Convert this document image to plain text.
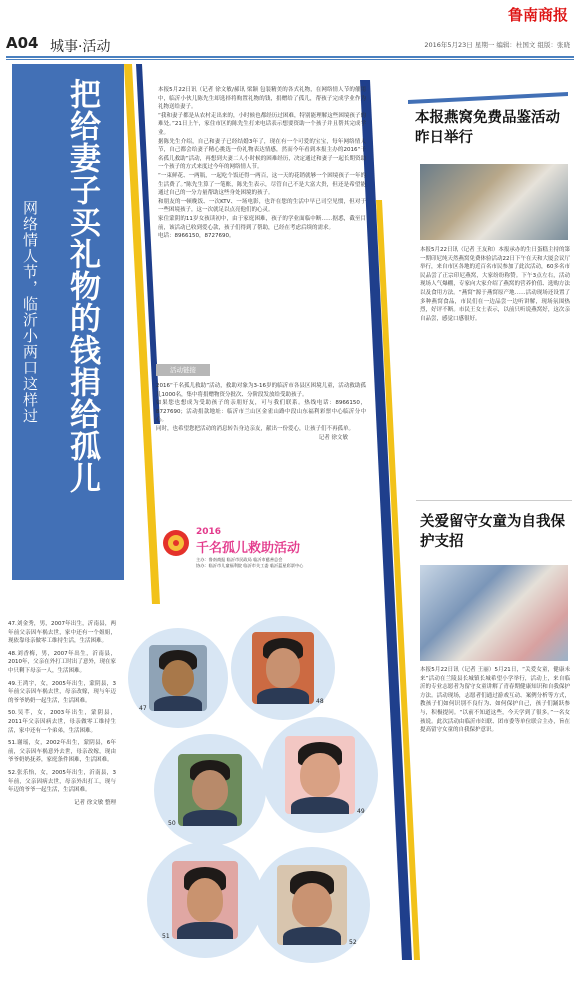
鲁南商报
A04 城事·活动	2016年5月23日 星期一 编辑：杜国文 组版：张晓
把给妻子买礼物的钱捐给孤儿
网络情人节，临沂小两口这样过

本报5月22日讯（记者 徐文敏/郝讯 梁颖 包装精美的各式礼物，在网络情人节的催用中，临沂小伙儿陈先生却选择将购置礼物的钱，捐赠给了孤儿，帮孩子完成学业作为礼物送给妻子。

“我和妻子都是从农村走出来的，小时候也都经历过困难，特别能理解这些困境孩子的难处。”21日上午，家住市区的陈先生打来电话表示想要资助一个孩子并且帮其完成学业。

据陈先生介绍，自己和妻子已经结婚3年了，现在有一个可爱的宝宝，每年网络情人节，自己都会给妻子精心挑选一份礼物表达情感，然而今年看到本报主办的2016“千名孤儿救助”活动，再想到夫妻二人小时候的困难经历，决定通过和妻子一起长期资助一个孩子的方式来度过今年的网络情人节。

“一束鲜花、一两瓶，一起吃个饭还得一两百，这一天的花销就够一个困境孩子一年的生活费了。”陈先生算了一笔账，陈先生表示，尽管自己不是大富大贵，但还是希望能通过自己的一分力量帮助这些身处困境的孩子。

和朋友的一顿晚饭、一次KTV、一场电影，也许在您的生活中早已司空见惯，但对于一些困境孩子，这一次就足以点亮他们的心灵。

家住蒙阴的11岁女孩读初中，由于家庭困难，孩子的学业面临中断……据悉，截至目前，该活动已收到爱心款，孩子们得到了帮助，已经在考虑后续的需求。

电话：8966150，8727690。

活动链接

2016“千名孤儿救助”活动，救助对象为3-16岁的临沂市各县区困境儿童，活动救助孤儿1000名，集中将捐赠物资分批次、分阶段发放给受助孩子。

如果您也想成为受助孩子的亲朋好友，可与我们联系。热线电话：8966150，8727690；活动捐款地址：临沂市兰山区金雀山路中段山东福利彩票中心临沂分中心。

同时，也希望您把活动的消息转告身边亲友，献出一份爱心，让孩子们不再孤单。

记者 徐文敏

2016
千名孤儿救助活动
主办：鲁南商报 临沂市民政局 临沂市慈善总会
协办：临沂市儿童福利院 临沂市关工委 临沂蓝星彩票中心

47.刘金秀，男，2007年出生，沂南县，两年前父亲因车祸去世，家中还有一个姐姐，现依靠母亲做零工维持生活，生活困难。

48.刘香梅，男，2007年出生，沂南县，2010年，父亲在外打工时出了意外，现在家中只剩下母亲一人，生活困难。

49.王鸿宇，女，2005年出生，蒙阴县，3年前父亲因车祸去世，母亲改嫁，现与年迈的爷爷奶奶一起生活，生活困难。

50.吴芊，女，2003年出生，蒙阴县，2011年父亲因病去世，母亲做零工维持生活，家中还有一个弟弟，生活困难。

51.谢瑶，女，2002年出生，蒙阴县，6年前，父亲因车祸意外去世，母亲改嫁，现由爷爷奶奶抚养，家庭条件困难，生活困难。

52.张乐怡，女，2005年出生，沂南县，3年前，父亲因病去世，母亲外出打工，现与年迈的爷爷一起生活，生活困难。

记者 徐文敏 整理

47
48
50
49
51
52
本报燕窝免费品鉴活动昨日举行
本报5月22日讯（记者 王友和）本报承办的生日蛋糕主持的第一期印尼纯天然燕窝免费体验活动22日下午在天和大厦会议厅举行，来自市区各地的近百名市民参加了此次活动，60多名市民品尝了正宗印尼燕窝，大家纷纷称赞。下午3点左右，活动现场人气爆棚，专家向大家介绍了燕窝的营养价值、选购方法以及食用方法。“燕窝”源于燕窝原产地……活动现场还设置了多种燕窝食品，市民们在一边品尝一边听讲解，现场氛围热烈，好评不断。市民王女士表示，以前只听说燕窝好，这次亲自品尝，感觉口感很好。
关爱留守女童为自我保护支招
本报5月22日讯（记者 王丽）5月21日，“关爱女童，健康未来”活动在兰陵县长城镇长城希望小学举行，活动上，来自临沂的专业志愿者为留守女童讲解了青春期健康知识和自我保护方法。活动现场，志愿者们通过游戏互动、案例分析等方式，教孩子们如何识别不良行为、如何保护自己，孩子们踊跃参与，积极提问。“以前不知道这些，今天学到了很多。”一名女孩说。此次活动由临沂市妇联、团市委等单位联合主办，旨在提高留守女童的自我保护意识。
